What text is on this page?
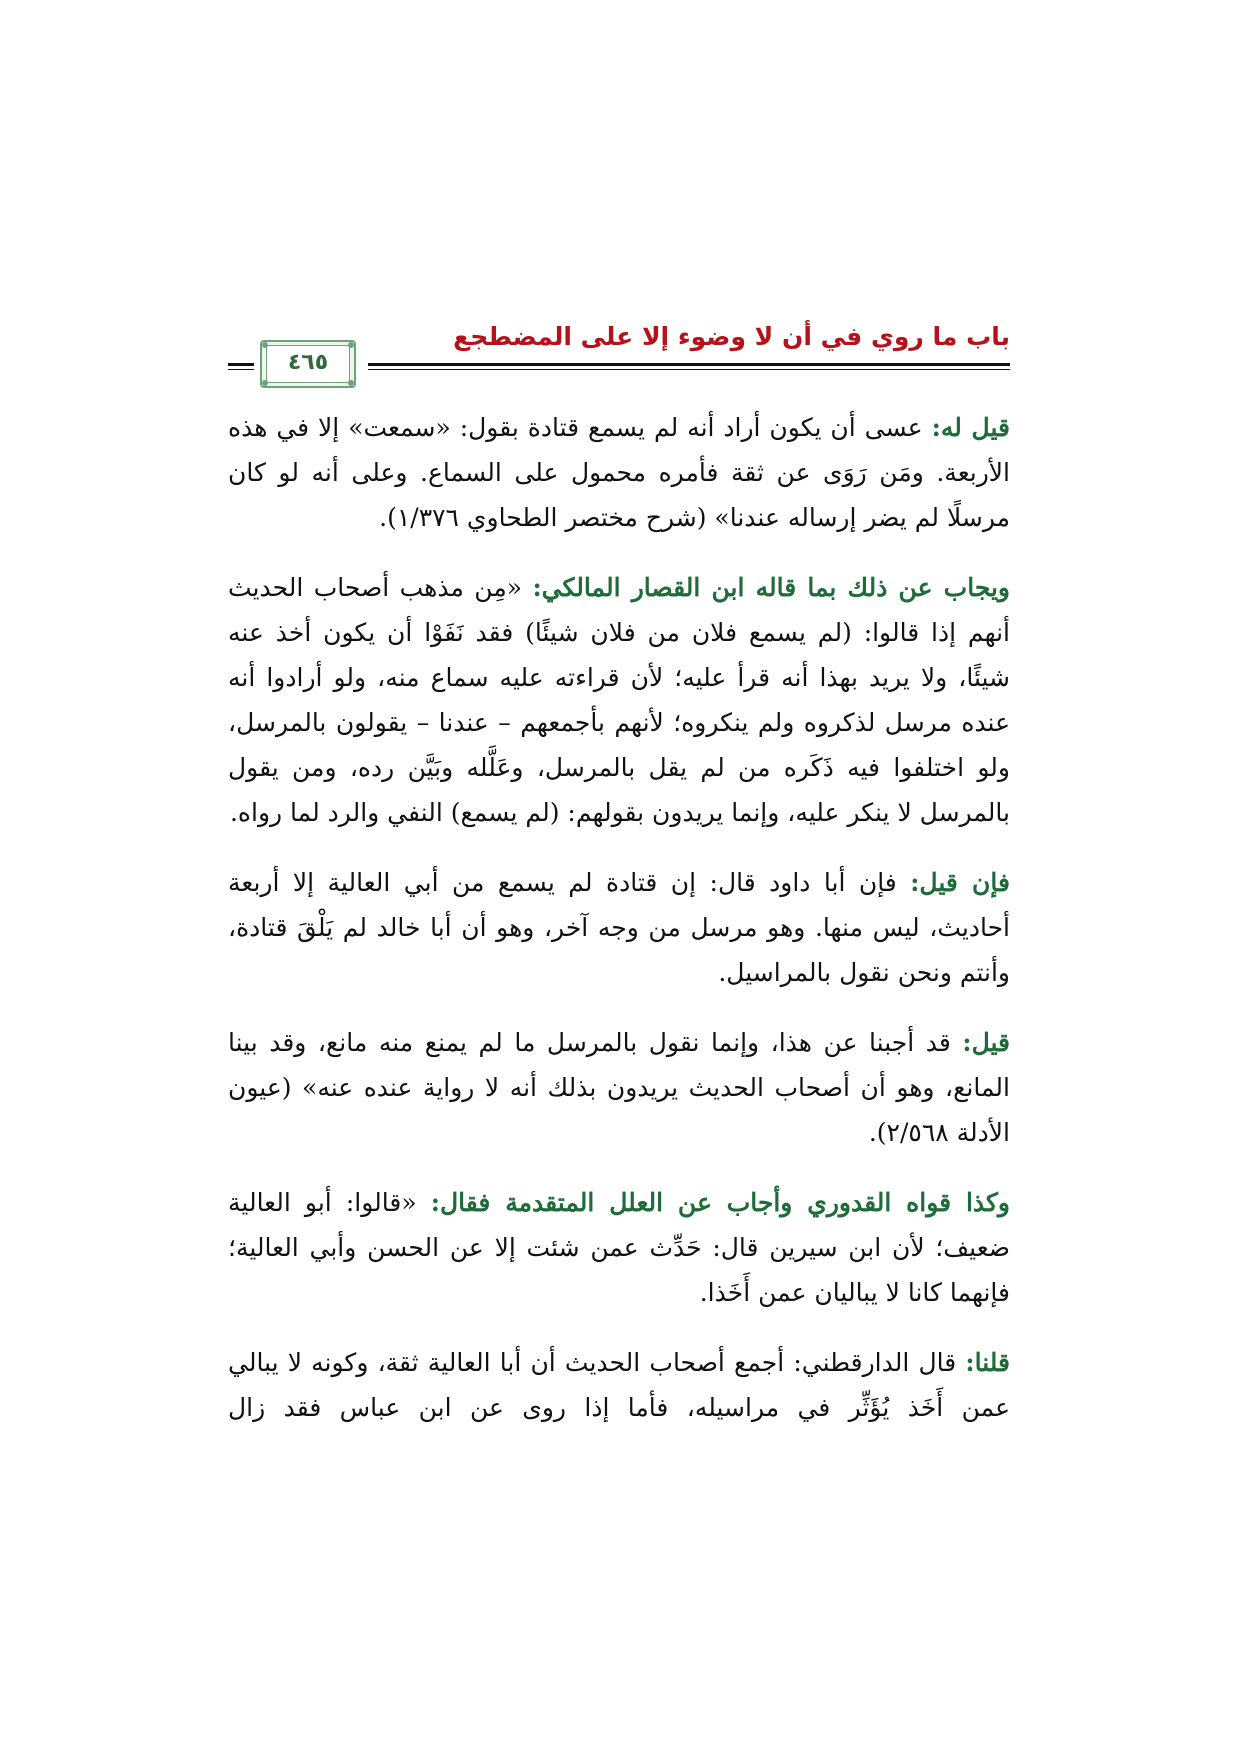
باب ما روي في أن لا وضوء إلا على المضطجع
٤٦٥

قيل له: عسى أن يكون أراد أنه لم يسمع قتادة بقول: «سمعت» إلا في هذه الأربعة. ومَن رَوَى عن ثقة فأمره محمول على السماع. وعلى أنه لو كان مرسلًا لم يضر إرساله عندنا» (شرح مختصر الطحاوي ١/٣٧٦).

ويجاب عن ذلك بما قاله ابن القصار المالكي: «مِن مذهب أصحاب الحديث أنهم إذا قالوا: (لم يسمع فلان من فلان شيئًا) فقد نَفَوْا أن يكون أخذ عنه شيئًا، ولا يريد بهذا أنه قرأ عليه؛ لأن قراءته عليه سماع منه، ولو أرادوا أنه عنده مرسل لذكروه ولم ينكروه؛ لأنهم بأجمعهم – عندنا – يقولون بالمرسل، ولو اختلفوا فيه ذَكَره من لم يقل بالمرسل، وعَلَّله وبَيَّن رده، ومن يقول بالمرسل لا ينكر عليه، وإنما يريدون بقولهم: (لم يسمع) النفي والرد لما رواه.

فإن قيل: فإن أبا داود قال: إن قتادة لم يسمع من أبي العالية إلا أربعة أحاديث، ليس منها. وهو مرسل من وجه آخر، وهو أن أبا خالد لم يَلْقَ قتادة، وأنتم ونحن نقول بالمراسيل.

قيل: قد أجبنا عن هذا، وإنما نقول بالمرسل ما لم يمنع منه مانع، وقد بينا المانع، وهو أن أصحاب الحديث يريدون بذلك أنه لا رواية عنده عنه» (عيون الأدلة ٢/٥٦٨).

وكذا قواه القدوري وأجاب عن العلل المتقدمة فقال: «قالوا: أبو العالية ضعيف؛ لأن ابن سيرين قال: حَدِّث عمن شئت إلا عن الحسن وأبي العالية؛ فإنهما كانا لا يباليان عمن أَخَذا.

قلنا: قال الدارقطني: أجمع أصحاب الحديث أن أبا العالية ثقة، وكونه لا يبالي عمن أَخَذ يُؤَثِّر في مراسيله، فأما إذا روى عن ابن عباس فقد زال
